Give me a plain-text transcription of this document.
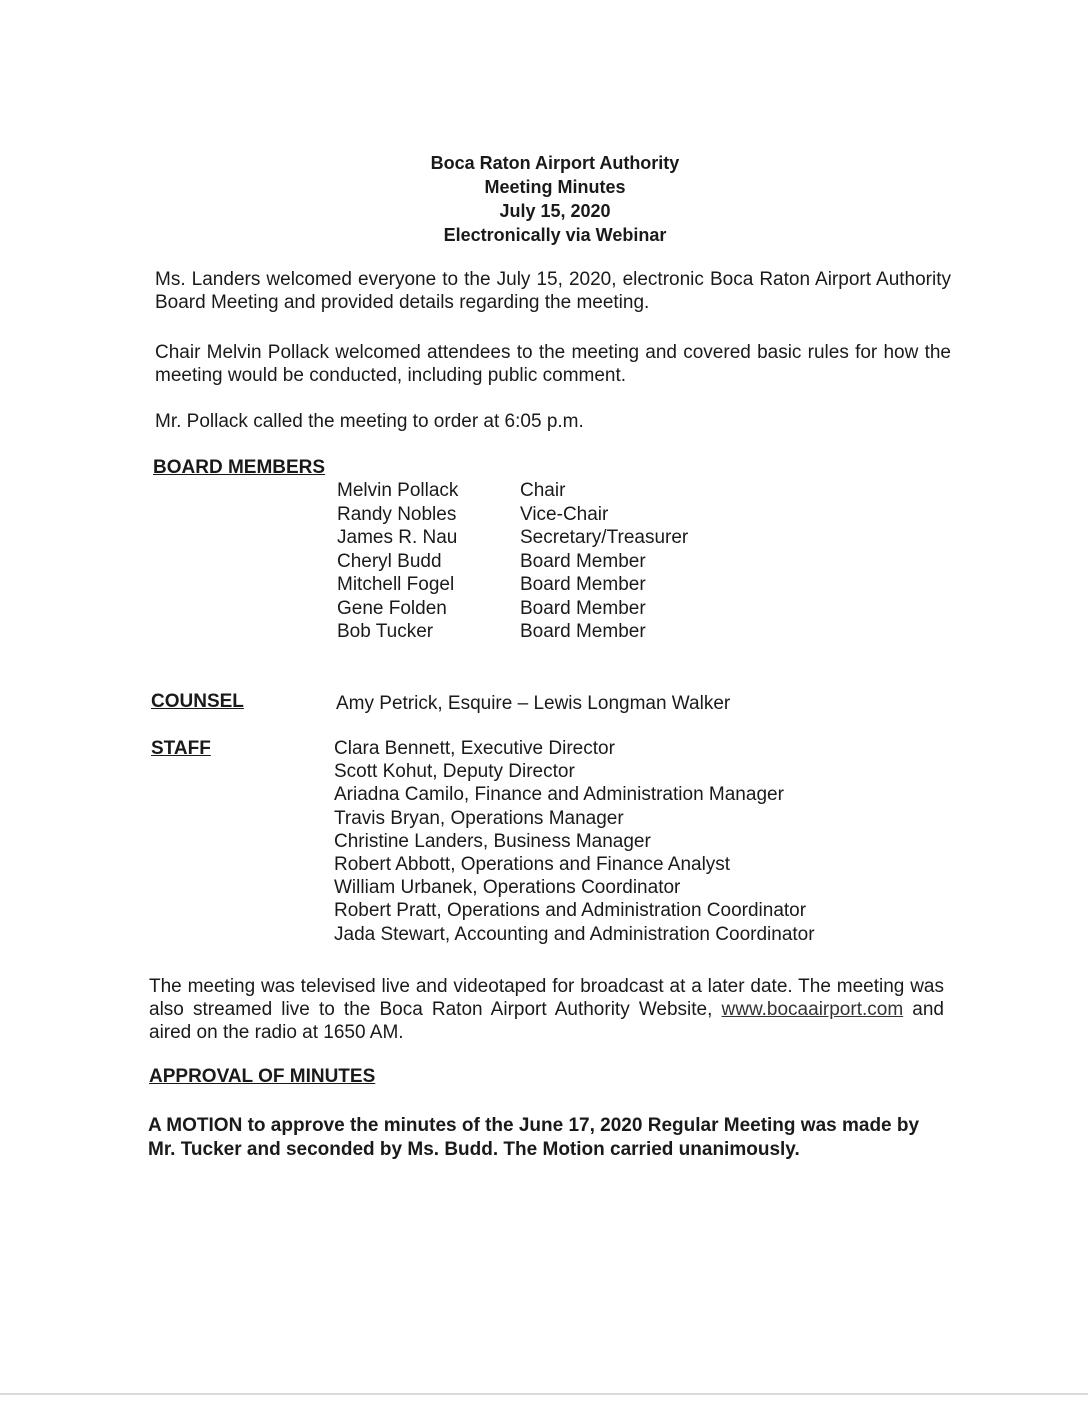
Boca Raton Airport Authority
Meeting Minutes
July 15, 2020
Electronically via Webinar
Ms. Landers welcomed everyone to the July 15, 2020, electronic Boca Raton Airport Authority Board Meeting and provided details regarding the meeting.
Chair Melvin Pollack welcomed attendees to the meeting and covered basic rules for how the meeting would be conducted, including public comment.
Mr. Pollack called the meeting to order at 6:05 p.m.
BOARD MEMBERS
Melvin Pollack	Chair
Randy Nobles	Vice-Chair
James R. Nau	Secretary/Treasurer
Cheryl Budd	Board Member
Mitchell Fogel	Board Member
Gene Folden	Board Member
Bob Tucker	Board Member
COUNSEL	Amy Petrick, Esquire – Lewis Longman Walker
STAFF	Clara Bennett, Executive Director
Scott Kohut, Deputy Director
Ariadna Camilo, Finance and Administration Manager
Travis Bryan, Operations Manager
Christine Landers, Business Manager
Robert Abbott, Operations and Finance Analyst
William Urbanek, Operations Coordinator
Robert Pratt, Operations and Administration Coordinator
Jada Stewart, Accounting and Administration Coordinator
The meeting was televised live and videotaped for broadcast at a later date. The meeting was also streamed live to the Boca Raton Airport Authority Website, www.bocaairport.com and aired on the radio at 1650 AM.
APPROVAL OF MINUTES
A MOTION to approve the minutes of the June 17, 2020 Regular Meeting was made by Mr. Tucker and seconded by Ms. Budd. The Motion carried unanimously.
